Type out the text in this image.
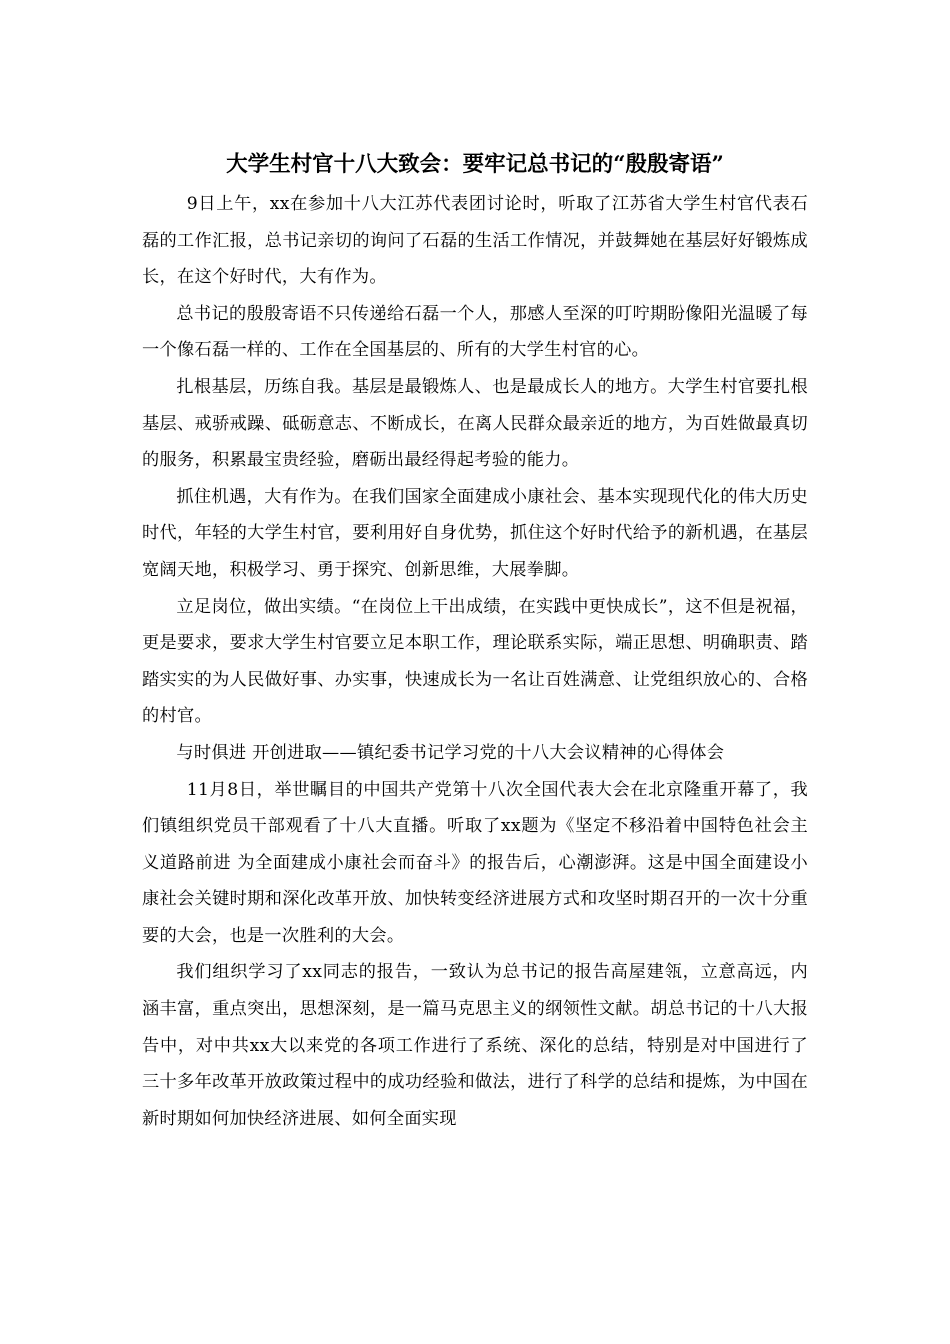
大学生村官十八大致会：要牢记总书记的“殷殷寄语”

9日上午，xx在参加十八大江苏代表团讨论时，听取了江苏省大学生村官代表石磊的工作汇报，总书记亲切的询问了石磊的生活工作情况，并鼓舞她在基层好好锻炼成长，在这个好时代，大有作为。

总书记的殷殷寄语不只传递给石磊一个人，那感人至深的叮咛期盼像阳光温暖了每一个像石磊一样的、工作在全国基层的、所有的大学生村官的心。

扎根基层，历练自我。基层是最锻炼人、也是最成长人的地方。大学生村官要扎根基层、戒骄戒躁、砥砺意志、不断成长，在离人民群众最亲近的地方，为百姓做最真切的服务，积累最宝贵经验，磨砺出最经得起考验的能力。

抓住机遇，大有作为。在我们国家全面建成小康社会、基本实现现代化的伟大历史时代，年轻的大学生村官，要利用好自身优势，抓住这个好时代给予的新机遇，在基层宽阔天地，积极学习、勇于探究、创新思维，大展拳脚。

立足岗位，做出实绩。“在岗位上干出成绩，在实践中更快成长”，这不但是祝福，更是要求，要求大学生村官要立足本职工作，理论联系实际，端正思想、明确职责、踏踏实实的为人民做好事、办实事，快速成长为一名让百姓满意、让党组织放心的、合格的村官。

与时俱进 开创进取——镇纪委书记学习党的十八大会议精神的心得体会

11月8日，举世瞩目的中国共产党第十八次全国代表大会在北京隆重开幕了，我们镇组织党员干部观看了十八大直播。听取了xx题为《坚定不移沿着中国特色社会主义道路前进 为全面建成小康社会而奋斗》的报告后，心潮澎湃。这是中国全面建设小康社会关键时期和深化改革开放、加快转变经济进展方式和攻坚时期召开的一次十分重要的大会，也是一次胜利的大会。

我们组织学习了xx同志的报告，一致认为总书记的报告高屋建瓴，立意高远，内涵丰富，重点突出，思想深刻，是一篇马克思主义的纲领性文献。胡总书记的十八大报告中，对中共xx大以来党的各项工作进行了系统、深化的总结，特别是对中国进行了三十多年改革开放政策过程中的成功经验和做法，进行了科学的总结和提炼，为中国在新时期如何加快经济进展、如何全面实现
